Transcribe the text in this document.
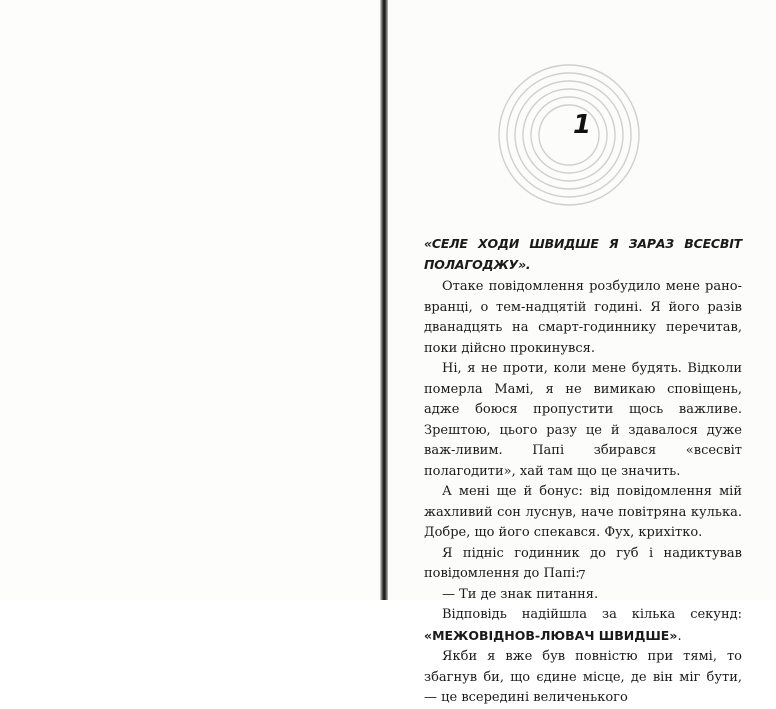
1

«СЕЛЕ ХОДИ ШВИДШЕ Я ЗАРАЗ ВСЕСВІТ ПОЛАГОДЖУ».

Отаке повідомлення розбудило мене рано-вранці, о тем-надцятій годині. Я його разів дванадцять на смарт-годиннику перечитав, поки дійсно прокинувся.

Ні, я не проти, коли мене будять. Відколи померла Мамі, я не вимикаю сповіщень, адже боюся пропустити щось важливе. Зрештою, цього разу це й здавалося дуже важ-ливим. Папі збирався «всесвіт полагодити», хай там що це значить.

А мені ще й бонус: від повідомлення мій жахливий сон луснув, наче повітряна кулька. Добре, що його спекався. Фух, крихітко.

Я підніс годинник до губ і надиктував повідомлення до Папі:

— Ти де знак питання.

Відповідь надійшла за кілька секунд: «МЕЖОВІДНОВ-ЛЮВАЧ ШВИДШЕ».

Якби я вже був повністю при тямі, то збагнув би, що єдине місце, де він міг бути, — це всередині величенького

7
